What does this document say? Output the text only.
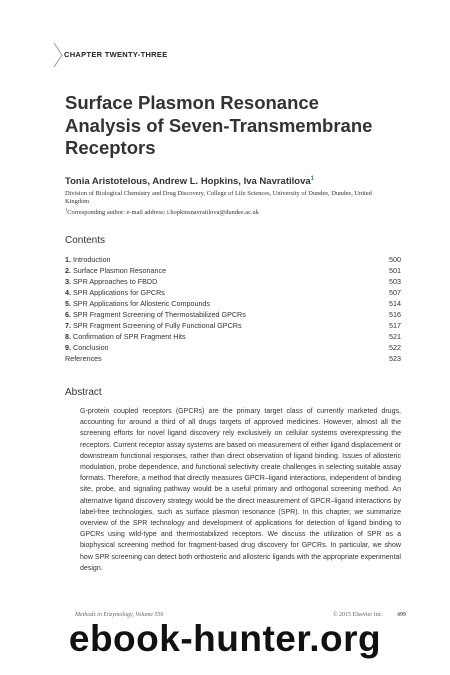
CHAPTER TWENTY-THREE
Surface Plasmon Resonance Analysis of Seven-Transmembrane Receptors
Tonia Aristotelous, Andrew L. Hopkins, Iva Navratilova$^1$
Division of Biological Chemistry and Drug Discovery, College of Life Sciences, University of Dundee, Dundee, United Kingdom
$^1$Corresponding author: e-mail address: i.hopkinsnavratilova@dundee.ac.uk
Contents
1. Introduction	500
2. Surface Plasmon Resonance	501
3. SPR Approaches to FBDD	503
4. SPR Applications for GPCRs	507
5. SPR Applications for Allosteric Compounds	514
6. SPR Fragment Screening of Thermostabilized GPCRs	516
7. SPR Fragment Screening of Fully Functional GPCRs	517
8. Confirmation of SPR Fragment Hits	521
9. Conclusion	522
References	523
Abstract
G-protein coupled receptors (GPCRs) are the primary target class of currently marketed drugs, accounting for around a third of all drugs targets of approved medicines. However, almost all the screening efforts for novel ligand discovery rely exclusively on cellular systems overexpressing the receptors. Current receptor assay systems are based on measurement of either ligand displacement or downstream functional responses, rather than direct observation of ligand binding. Issues of allosteric modulation, probe dependence, and functional selectivity create challenges in selecting suitable assay formats. Therefore, a method that directly measures GPCR–ligand interactions, independent of binding site, probe, and signaling pathway would be a useful primary and orthogonal screening method. An alternative ligand discovery strategy would be the direct measurement of GPCR–ligand interactions by label-free technologies, such as surface plasmon resonance (SPR). In this chapter, we summarize overview of the SPR technology and development of applications for detection of ligand binding to GPCRs using wild-type and thermostabilized receptors. We discuss the utilization of SPR as a biophysical screening method for fragment-based drug discovery for GPCRs. In particular, we show how SPR screening can detect both orthosteric and allosteric ligands with the appropriate experimental design.
Methods in Enzymology, Volume 556	© 2015 Elsevier Inc. 499
ebook-hunter.org
